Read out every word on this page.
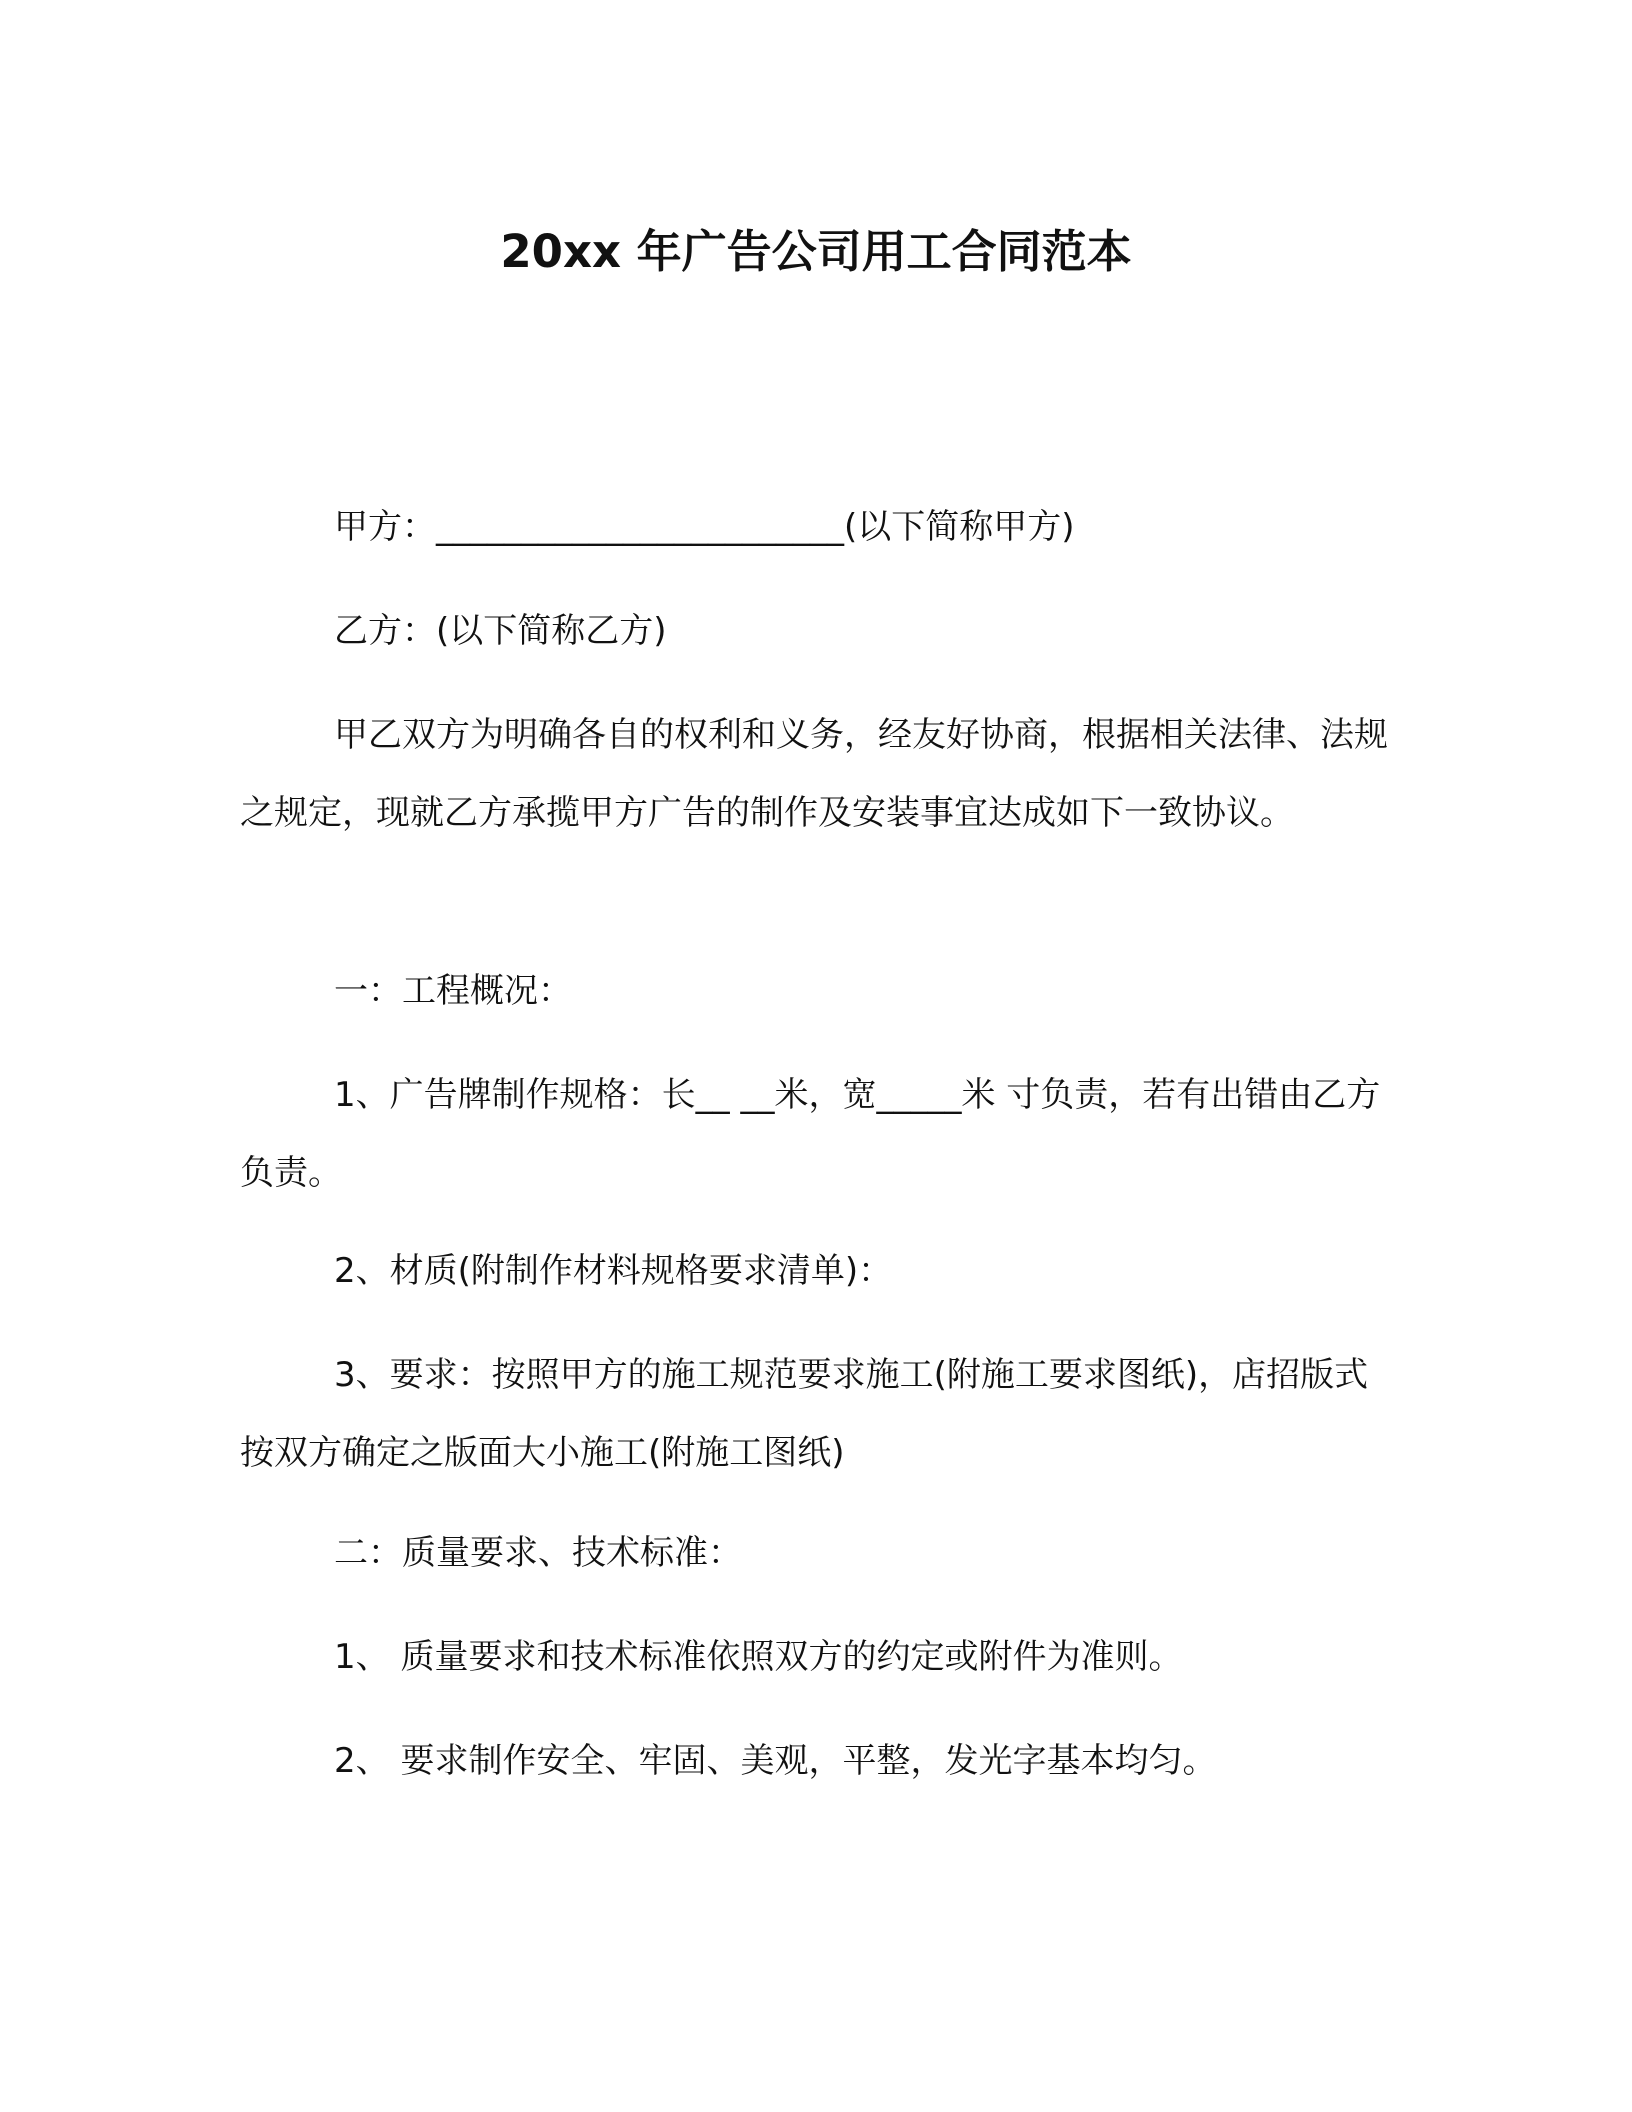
20xx 年广告公司用工合同范本

甲方：________________________(以下简称甲方)

乙方：(以下简称乙方)

甲乙双方为明确各自的权利和义务，经友好协商，根据相关法律、法规之规定，现就乙方承揽甲方广告的制作及安装事宜达成如下一致协议。

一：工程概况：

1、广告牌制作规格：长__ __米，宽_____米 寸负责，若有出错由乙方负责。

2、材质(附制作材料规格要求清单)：

3、要求：按照甲方的施工规范要求施工(附施工要求图纸)，店招版式按双方确定之版面大小施工(附施工图纸)

二：质量要求、技术标准：

1、 质量要求和技术标准依照双方的约定或附件为准则。

2、 要求制作安全、牢固、美观，平整，发光字基本均匀。
